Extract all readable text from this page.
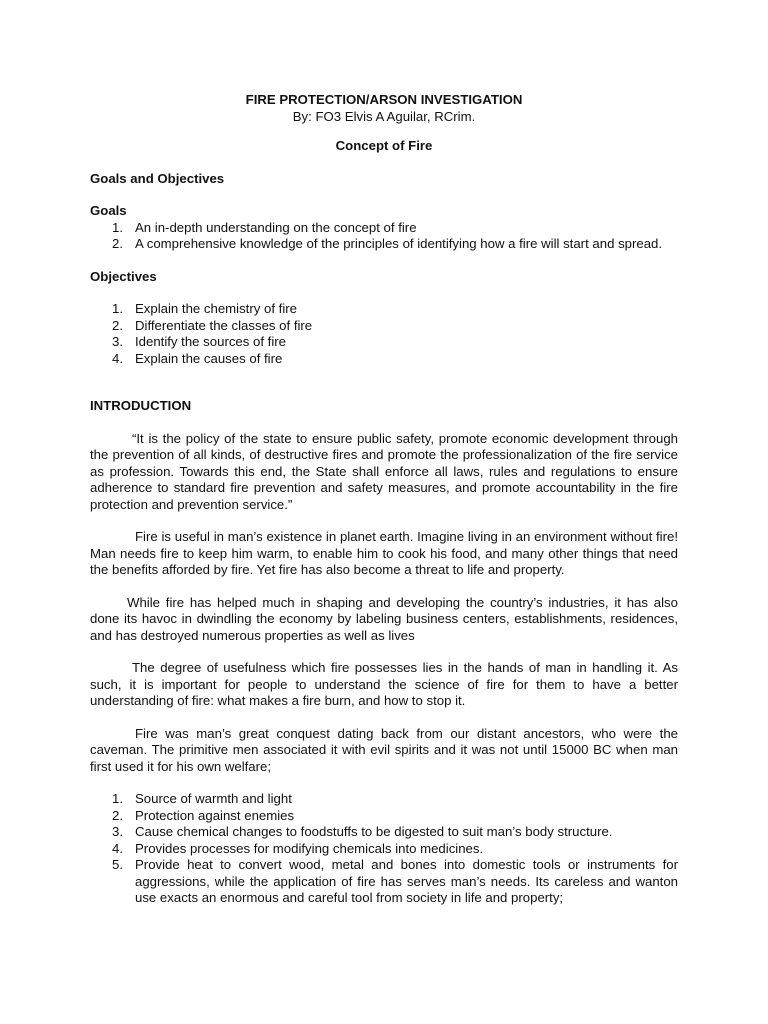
FIRE PROTECTION/ARSON INVESTIGATION
By: FO3 Elvis A Aguilar, RCrim.
Concept of Fire
Goals and Objectives
Goals
1. An in-depth understanding on the concept of fire
2. A comprehensive knowledge of the principles of identifying how a fire will start and spread.
Objectives
1. Explain the chemistry of fire
2. Differentiate the classes of fire
3. Identify the sources of fire
4. Explain the causes of fire
INTRODUCTION

“It is the policy of the state to ensure public safety, promote economic development through the prevention of all kinds, of destructive fires and promote the professionalization of the fire service as profession. Towards this end, the State shall enforce all laws, rules and regulations to ensure adherence to standard fire prevention and safety measures, and promote accountability in the fire protection and prevention service.”

Fire is useful in man’s existence in planet earth. Imagine living in an environment without fire! Man needs fire to keep him warm, to enable him to cook his food, and many other things that need the benefits afforded by fire. Yet fire has also become a threat to life and property.

While fire has helped much in shaping and developing the country’s industries, it has also done its havoc in dwindling the economy by labeling business centers, establishments, residences, and has destroyed numerous properties as well as lives

The degree of usefulness which fire possesses lies in the hands of man in handling it. As such, it is important for people to understand the science of fire for them to have a better understanding of fire: what makes a fire burn, and how to stop it.

Fire was man’s great conquest dating back from our distant ancestors, who were the caveman. The primitive men associated it with evil spirits and it was not until 15000 BC when man first used it for his own welfare;

1. Source of warmth and light
2. Protection against enemies
3. Cause chemical changes to foodstuffs to be digested to suit man’s body structure.
4. Provides processes for modifying chemicals into medicines.
5. Provide heat to convert wood, metal and bones into domestic tools or instruments for aggressions, while the application of fire has serves man’s needs. Its careless and wanton use exacts an enormous and careful tool from society in life and property;
